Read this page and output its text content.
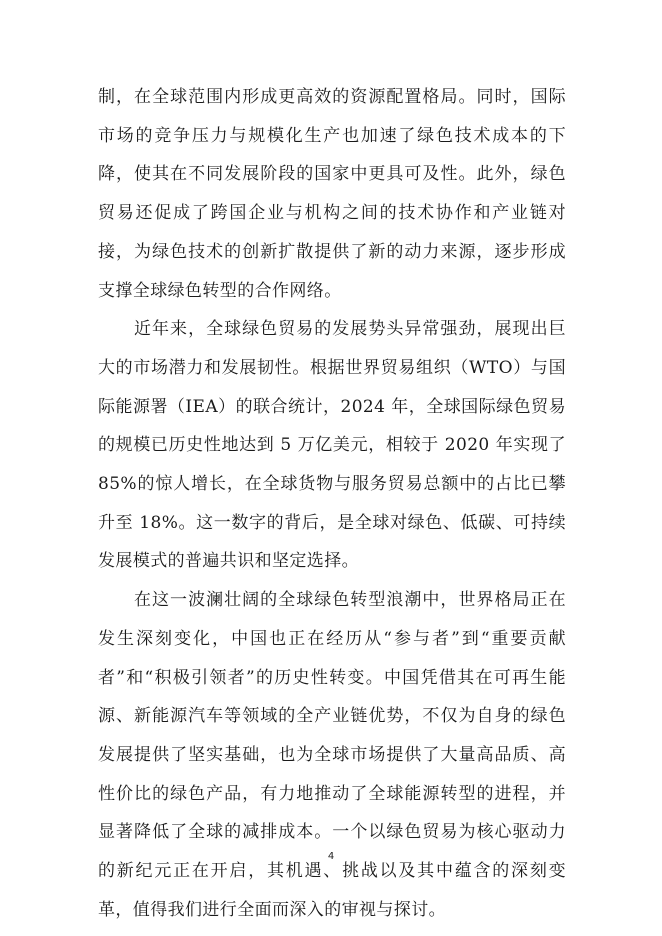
制，在全球范围内形成更高效的资源配置格局。同时，国际市场的竞争压力与规模化生产也加速了绿色技术成本的下降，使其在不同发展阶段的国家中更具可及性。此外，绿色贸易还促成了跨国企业与机构之间的技术协作和产业链对接，为绿色技术的创新扩散提供了新的动力来源，逐步形成支撑全球绿色转型的合作网络。

近年来，全球绿色贸易的发展势头异常强劲，展现出巨大的市场潜力和发展韧性。根据世界贸易组织（WTO）与国际能源署（IEA）的联合统计，2024 年，全球国际绿色贸易的规模已历史性地达到 5 万亿美元，相较于 2020 年实现了 85%的惊人增长，在全球货物与服务贸易总额中的占比已攀升至 18%。这一数字的背后，是全球对绿色、低碳、可持续发展模式的普遍共识和坚定选择。

在这一波澜壮阔的全球绿色转型浪潮中，世界格局正在发生深刻变化，中国也正在经历从“参与者”到“重要贡献者”和“积极引领者”的历史性转变。中国凭借其在可再生能源、新能源汽车等领域的全产业链优势，不仅为自身的绿色发展提供了坚实基础，也为全球市场提供了大量高品质、高性价比的绿色产品，有力地推动了全球能源转型的进程，并显著降低了全球的减排成本。一个以绿色贸易为核心驱动力的新纪元正在开启，其机遇、挑战以及其中蕴含的深刻变革，值得我们进行全面而深入的审视与探讨。

4
